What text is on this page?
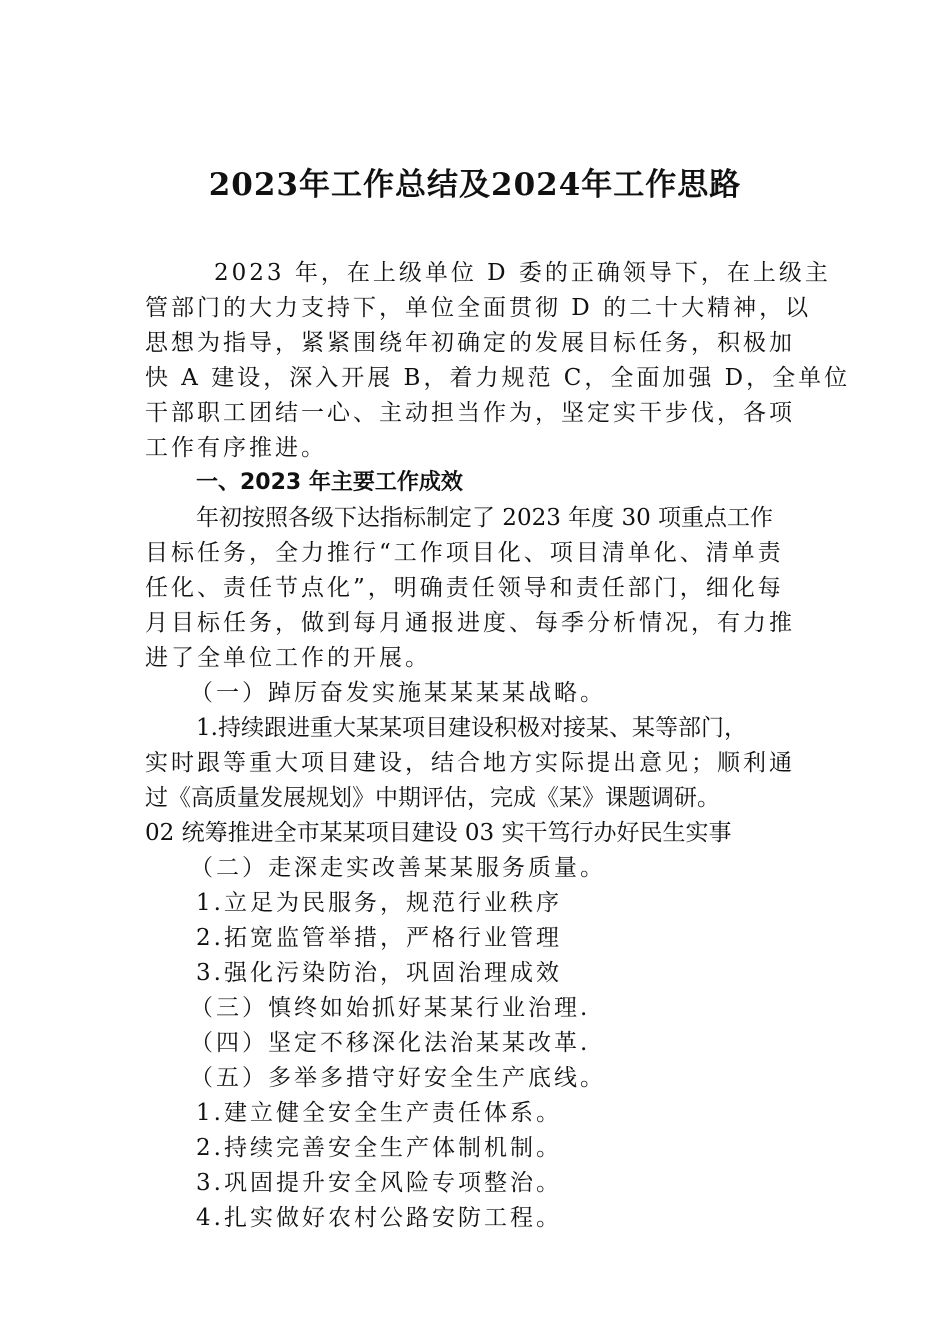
2023年工作总结及2024年工作思路
2023 年，在上级单位 D 委的正确领导下，在上级主
管部门的大力支持下，单位全面贯彻 D 的二十大精神，以
思想为指导，紧紧围绕年初确定的发展目标任务，积极加
快 A 建设，深入开展 B，着力规范 C，全面加强 D，全单位
干部职工团结一心、主动担当作为，坚定实干步伐，各项
工作有序推进。
一、2023 年主要工作成效
年初按照各级下达指标制定了 2023 年度 30 项重点工作
目标任务，全力推行“工作项目化、项目清单化、清单责
任化、责任节点化”，明确责任领导和责任部门，细化每
月目标任务，做到每月通报进度、每季分析情况，有力推
进了全单位工作的开展。
（一）踔厉奋发实施某某某某战略。
1.持续跟进重大某某项目建设积极对接某、某等部门，
实时跟等重大项目建设，结合地方实际提出意见；顺利通
过《高质量发展规划》中期评估，完成《某》课题调研。
02 统筹推进全市某某项目建设 03 实干笃行办好民生实事
（二）走深走实改善某某服务质量。
1.立足为民服务，规范行业秩序
2.拓宽监管举措，严格行业管理
3.强化污染防治，巩固治理成效
（三）慎终如始抓好某某行业治理.
（四）坚定不移深化法治某某改革.
（五）多举多措守好安全生产底线。
1.建立健全安全生产责任体系。
2.持续完善安全生产体制机制。
3.巩固提升安全风险专项整治。
4.扎实做好农村公路安防工程。
